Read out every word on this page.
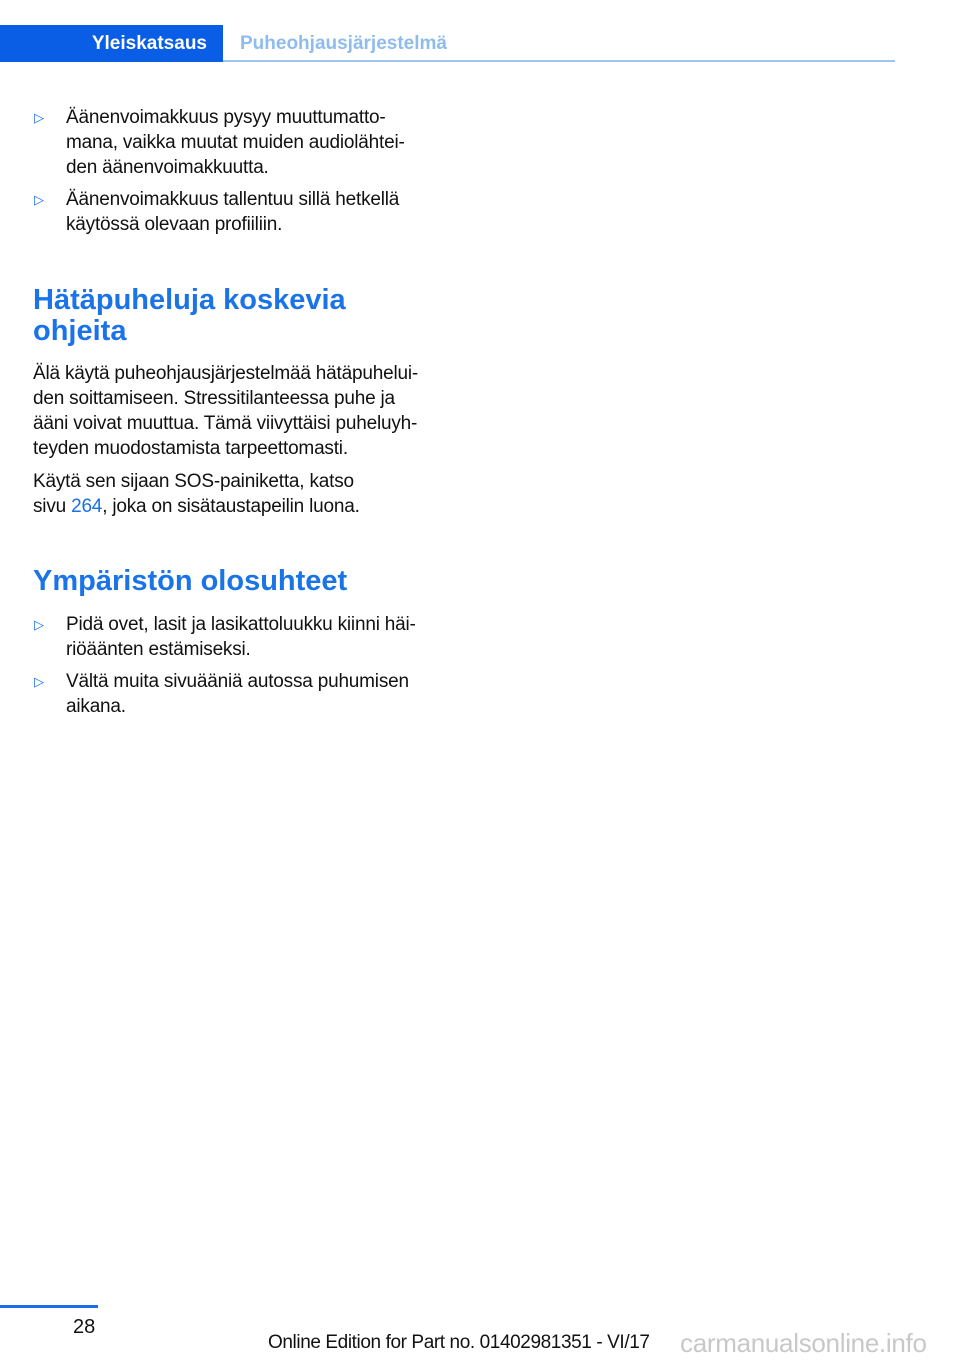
Yleiskatsaus	Puheohjausjärjestelmä
▷ Äänenvoimakkuus pysyy muuttumatto-
mana, vaikka muutat muiden audiolähtei-
den äänenvoimakkuutta.
▷ Äänenvoimakkuus tallentuu sillä hetkellä
käytössä olevaan profiiliin.
Hätäpuheluja koskevia
ohjeita
Älä käytä puheohjausjärjestelmää hätäpuhelui-
den soittamiseen. Stressitilanteessa puhe ja
ääni voivat muuttua. Tämä viivyttäisi puheluyh-
teyden muodostamista tarpeettomasti.
Käytä sen sijaan SOS-painiketta, katso
sivu 264, joka on sisätaustapeilin luona.
Ympäristön olosuhteet
▷ Pidä ovet, lasit ja lasikattoluukku kiinni häi-
riöäänten estämiseksi.
▷ Vältä muita sivuääniä autossa puhumisen
aikana.
28
Online Edition for Part no. 01402981351 - VI/17 carmanualsonline.info
